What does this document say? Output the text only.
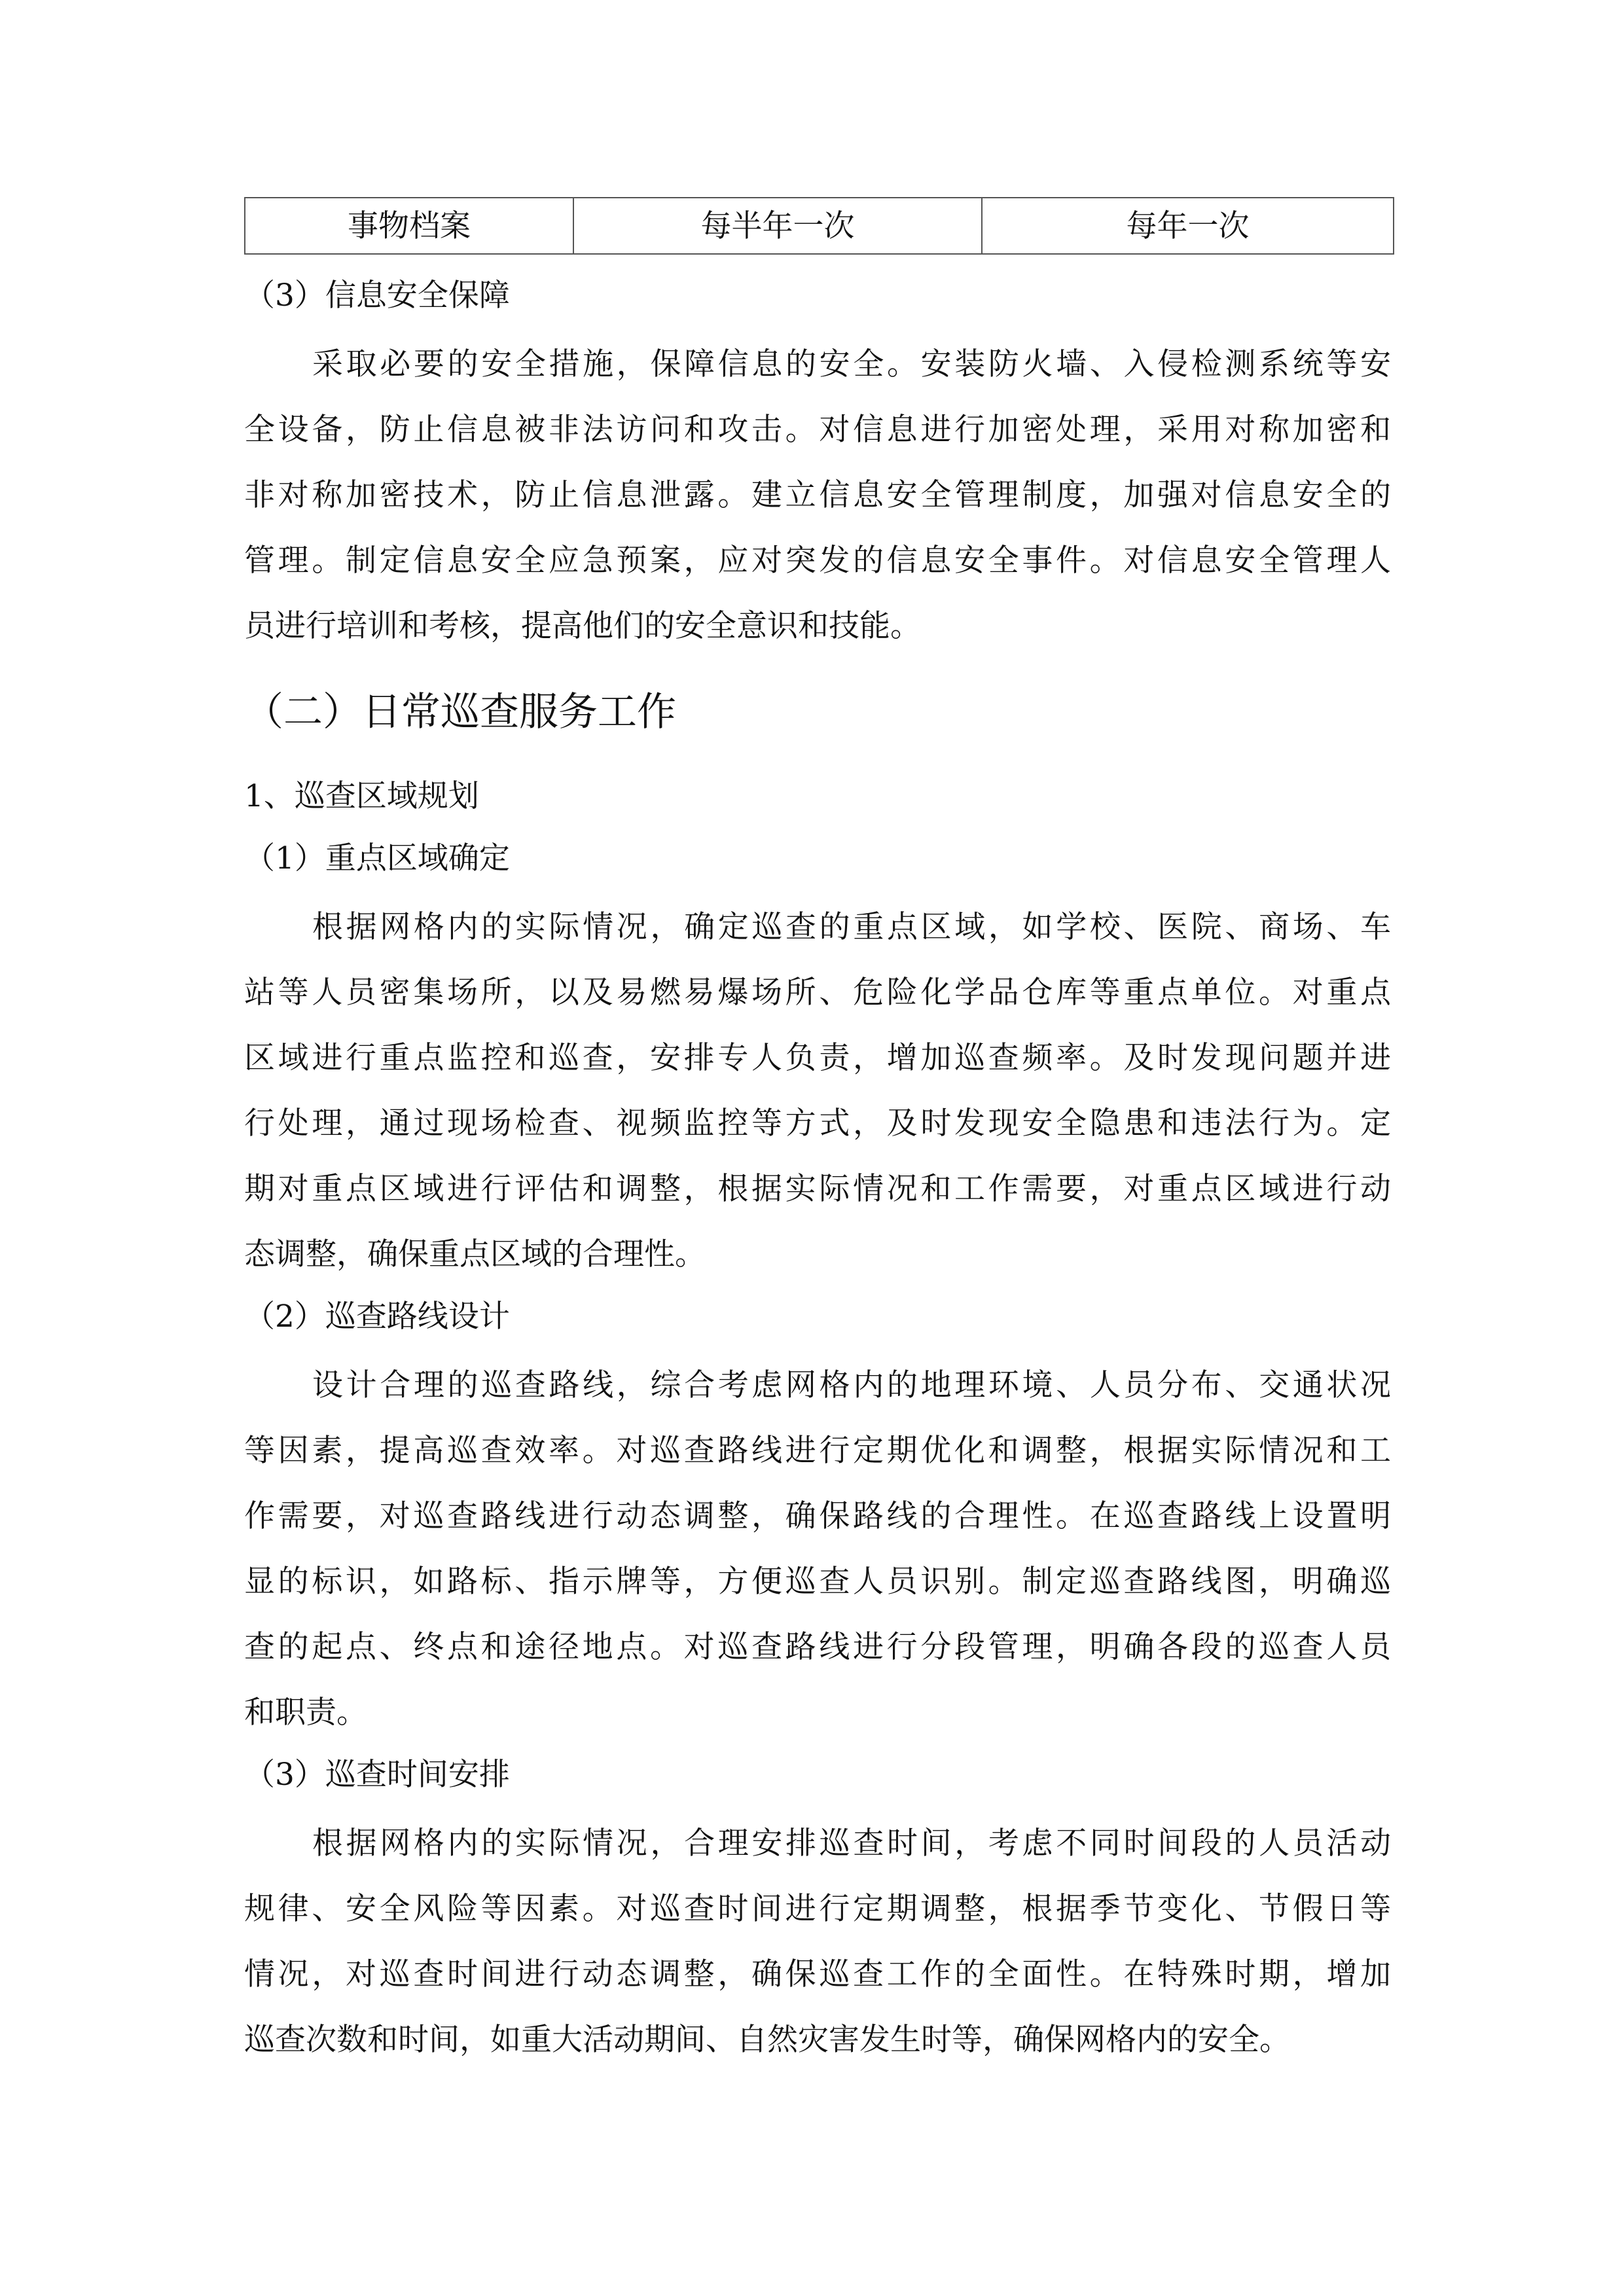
事物档案	每半年一次	每年一次
（3）信息安全保障
采取必要的安全措施，保障信息的安全。安装防火墙、入侵检测系统等安
全设备，防止信息被非法访问和攻击。对信息进行加密处理，采用对称加密和
非对称加密技术，防止信息泄露。建立信息安全管理制度，加强对信息安全的
管理。制定信息安全应急预案，应对突发的信息安全事件。对信息安全管理人
员进行培训和考核，提高他们的安全意识和技能。
（二）日常巡查服务工作
1、巡查区域规划
（1）重点区域确定
根据网格内的实际情况，确定巡查的重点区域，如学校、医院、商场、车
站等人员密集场所，以及易燃易爆场所、危险化学品仓库等重点单位。对重点
区域进行重点监控和巡查，安排专人负责，增加巡查频率。及时发现问题并进
行处理，通过现场检查、视频监控等方式，及时发现安全隐患和违法行为。定
期对重点区域进行评估和调整，根据实际情况和工作需要，对重点区域进行动
态调整，确保重点区域的合理性。
（2）巡查路线设计
设计合理的巡查路线，综合考虑网格内的地理环境、人员分布、交通状况
等因素，提高巡查效率。对巡查路线进行定期优化和调整，根据实际情况和工
作需要，对巡查路线进行动态调整，确保路线的合理性。在巡查路线上设置明
显的标识，如路标、指示牌等，方便巡查人员识别。制定巡查路线图，明确巡
查的起点、终点和途径地点。对巡查路线进行分段管理，明确各段的巡查人员
和职责。
（3）巡查时间安排
根据网格内的实际情况，合理安排巡查时间，考虑不同时间段的人员活动
规律、安全风险等因素。对巡查时间进行定期调整，根据季节变化、节假日等
情况，对巡查时间进行动态调整，确保巡查工作的全面性。在特殊时期，增加
巡查次数和时间，如重大活动期间、自然灾害发生时等，确保网格内的安全。
